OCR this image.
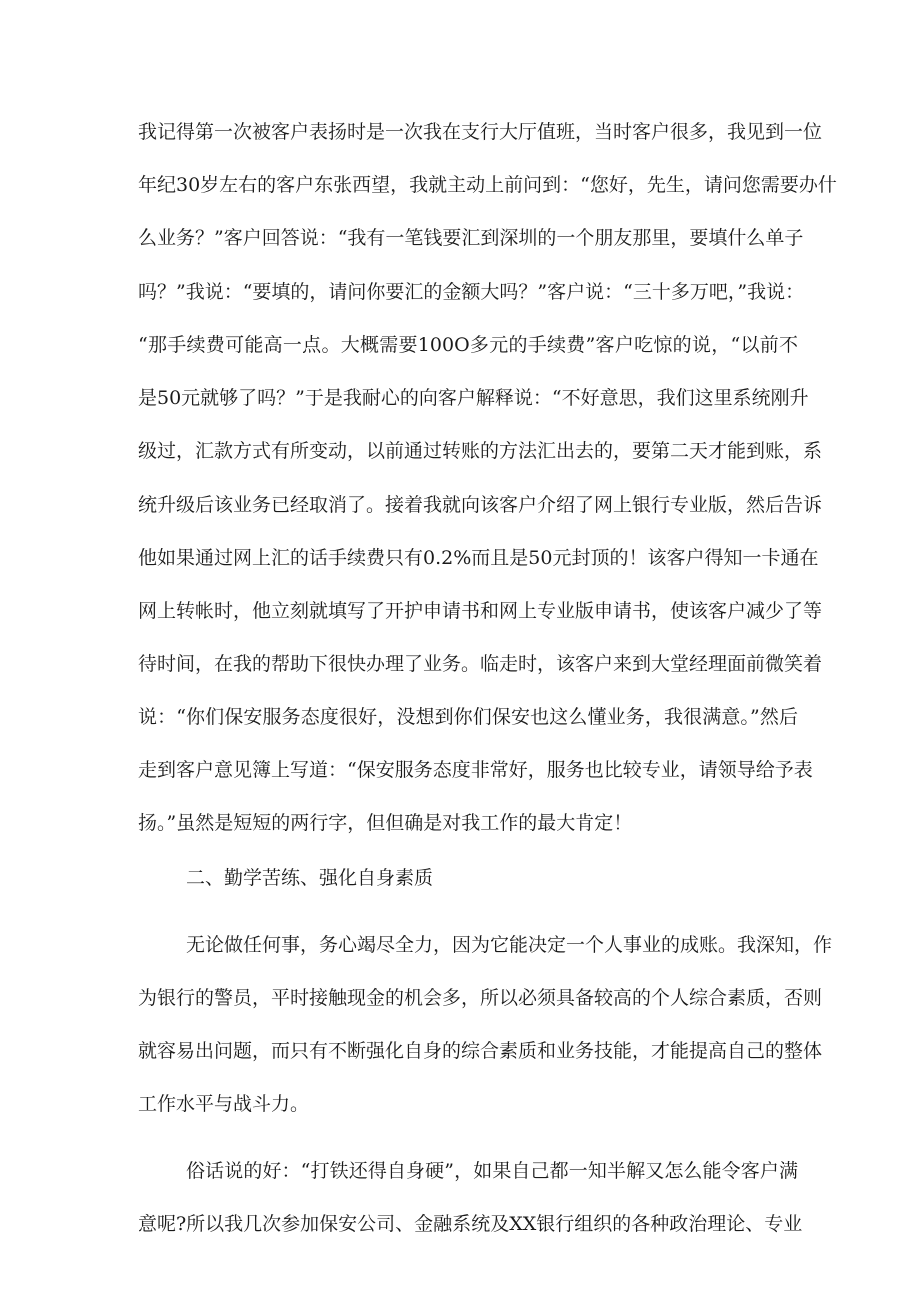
我记得第一次被客户表扬时是一次我在支行大厅值班，当时客户很多，我见到一位

年纪30岁左右的客户东张西望，我就主动上前问到：“您好，先生，请问您需要办什

么业务？”客户回答说：“我有一笔钱要汇到深圳的一个朋友那里，要填什么单子

吗？”我说：“要填的，请问你要汇的金额大吗？”客户说：“三十多万吧，”我说：

“那手续费可能高一点。大概需要100O多元的手续费”客户吃惊的说，“以前不

是50元就够了吗？”于是我耐心的向客户解释说：“不好意思，我们这里系统刚升

级过，汇款方式有所变动，以前通过转账的方法汇出去的，要第二天才能到账，系

统升级后该业务已经取消了。接着我就向该客户介绍了网上银行专业版，然后告诉

他如果通过网上汇的话手续费只有0.2%而且是50元封顶的！该客户得知一卡通在

网上转帐时，他立刻就填写了开护申请书和网上专业版申请书，使该客户减少了等

待时间，在我的帮助下很快办理了业务。临走时，该客户来到大堂经理面前微笑着

说：“你们保安服务态度很好，没想到你们保安也这么懂业务，我很满意。”然后

走到客户意见簿上写道：“保安服务态度非常好，服务也比较专业，请领导给予表

扬。”虽然是短短的两行字，但但确是对我工作的最大肯定！

二、勤学苦练、强化自身素质

无论做任何事，务心竭尽全力，因为它能决定一个人事业的成账。我深知，作

为银行的警员，平时接触现金的机会多，所以必须具备较高的个人综合素质，否则

就容易出问题，而只有不断强化自身的综合素质和业务技能，才能提高自己的整体

工作水平与战斗力。

俗话说的好：“打铁还得自身硬”，如果自己都一知半解又怎么能令客户满

意呢?所以我几次参加保安公司、金融系统及XX银行组织的各种政治理论、专业
